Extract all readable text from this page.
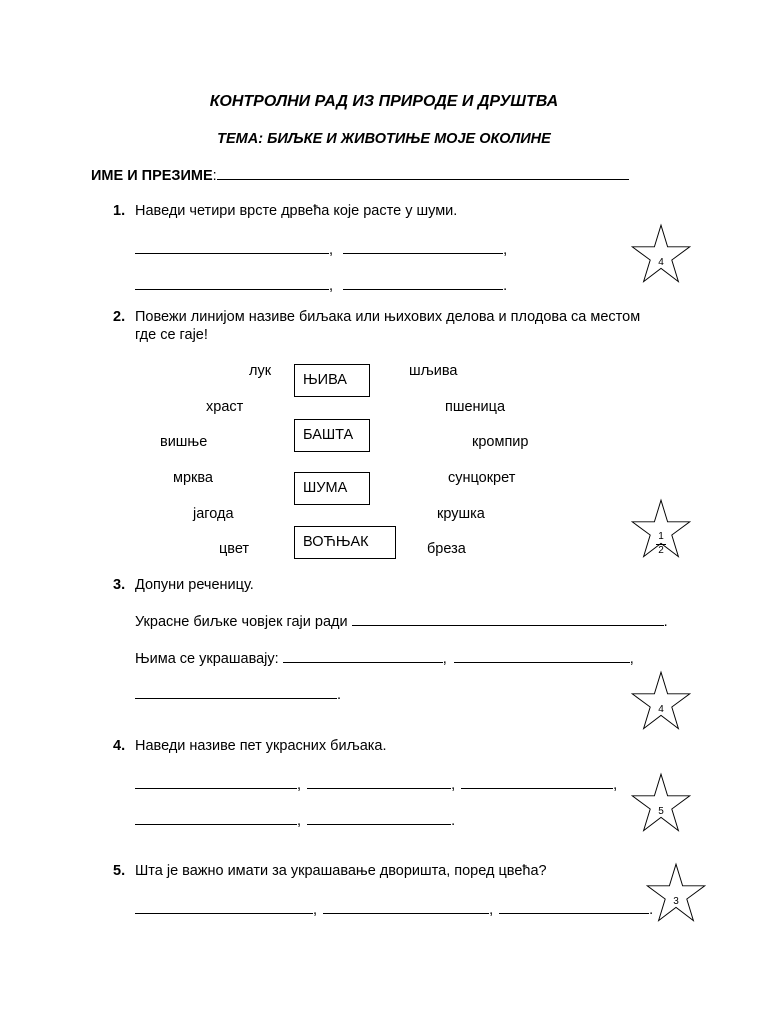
КОНТРОЛНИ РАД ИЗ ПРИРОДЕ И ДРУШТВА
ТЕМА: БИЉКЕ И ЖИВОТИЊЕ МОЈЕ ОКОЛИНЕ
ИМЕ И ПРЕЗИМЕ:
1. Наведи четири врсте дрвећа које расте у шуми.
,	,
,	.
4
2. Повежи линијом називе биљака или њихових делова и плодова са местом
где се гаје!
лук
храст
вишње
мрква
јагода
цвет
ЊИВА
БАШТА
ШУМА
ВОЋЊАК
шљива
пшеница
кромпир
сунцокрет
крушка
бреза
1
2
3. Допуни реченицу.
Украсне биљке човјек гаји ради	.
Њима се украшавају:	,	,
.
4
4. Наведи називе пет украсних биљака.
,	,	,
,	.
5
5. Шта је важно имати за украшавање дворишта, поред цвећа?
,	,	.
3
